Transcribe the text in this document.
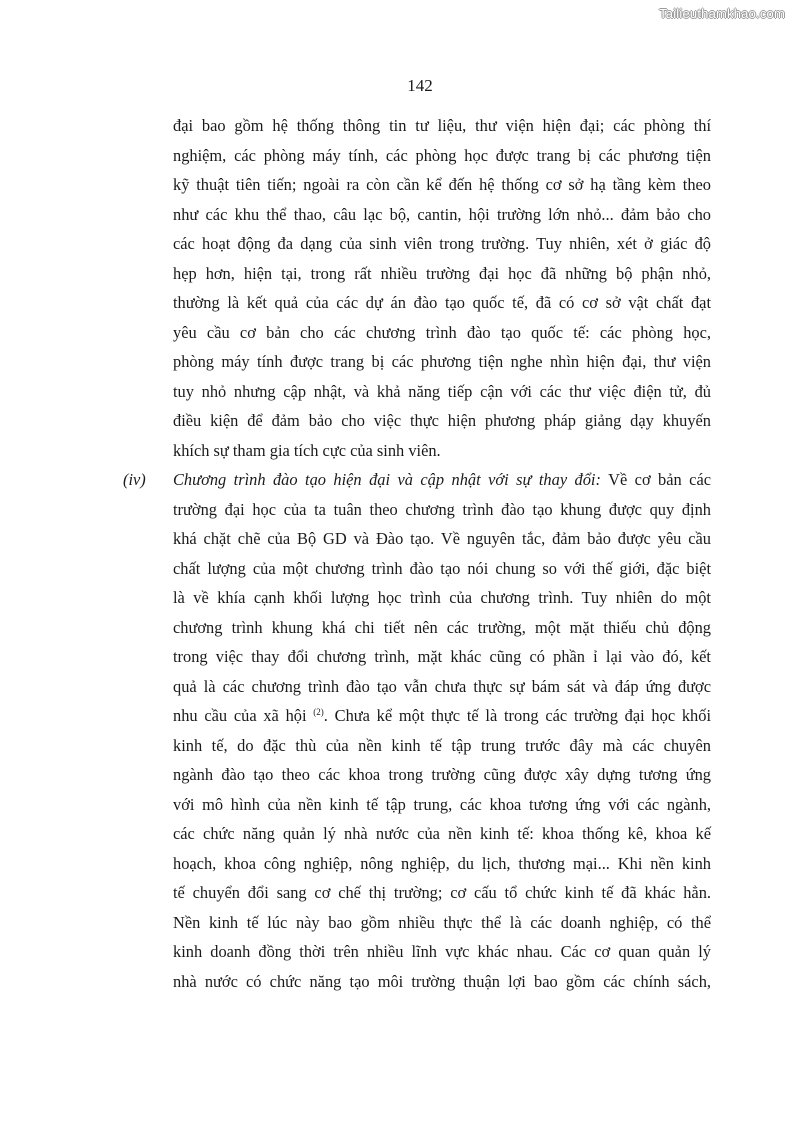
Tailieuthamkhao.com
142
đại bao gồm hệ thống thông tin tư liệu, thư viện hiện đại; các phòng thí
nghiệm, các phòng máy tính, các phòng học được trang bị các phương tiện
kỹ thuật tiên tiến; ngoài ra còn cần kể đến hệ thống cơ sở hạ tầng kèm theo
như các khu thể thao, câu lạc bộ, cantin, hội trường lớn nhỏ... đảm bảo cho
các hoạt động đa dạng của sinh viên trong trường. Tuy nhiên, xét ở giác độ
hẹp hơn, hiện tại, trong rất nhiều trường đại học đã những bộ phận nhỏ,
thường là kết quả của các dự án đào tạo quốc tế, đã có cơ sở vật chất đạt
yêu cầu cơ bản cho các chương trình đào tạo quốc tế: các phòng học,
phòng máy tính được trang bị các phương tiện nghe nhìn hiện đại, thư viện
tuy nhỏ nhưng cập nhật, và khả năng tiếp cận với các thư việc điện tử, đủ
điều kiện để đảm bảo cho việc thực hiện phương pháp giảng dạy khuyến
khích sự tham gia tích cực của sinh viên.
(iv) Chương trình đào tạo hiện đại và cập nhật với sự thay đổi: Về cơ bản các
trường đại học của ta tuân theo chương trình đào tạo khung được quy định
khá chặt chẽ của Bộ GD và Đào tạo. Về nguyên tắc, đảm bảo được yêu cầu
chất lượng của một chương trình đào tạo nói chung so với thế giới, đặc biệt
là về khía cạnh khối lượng học trình của chương trình. Tuy nhiên do một
chương trình khung khá chi tiết nên các trường, một mặt thiếu chủ động
trong việc thay đổi chương trình, mặt khác cũng có phần ỉ lại vào đó, kết
quả là các chương trình đào tạo vẫn chưa thực sự bám sát và đáp ứng được
nhu cầu của xã hội $^{(2)}$. Chưa kể một thực tế là trong các trường đại học khối
kinh tế, do đặc thù của nền kinh tế tập trung trước đây mà các chuyên
ngành đào tạo theo các khoa trong trường cũng được xây dựng tương ứng
với mô hình của nền kinh tế tập trung, các khoa tương ứng với các ngành,
các chức năng quản lý nhà nước của nền kinh tế: khoa thống kê, khoa kế
hoạch, khoa công nghiệp, nông nghiệp, du lịch, thương mại... Khi nền kinh
tế chuyển đổi sang cơ chế thị trường; cơ cấu tổ chức kinh tế đã khác hẳn.
Nền kinh tế lúc này bao gồm nhiều thực thể là các doanh nghiệp, có thể
kinh doanh đồng thời trên nhiều lĩnh vực khác nhau. Các cơ quan quản lý
nhà nước có chức năng tạo môi trường thuận lợi bao gồm các chính sách,
